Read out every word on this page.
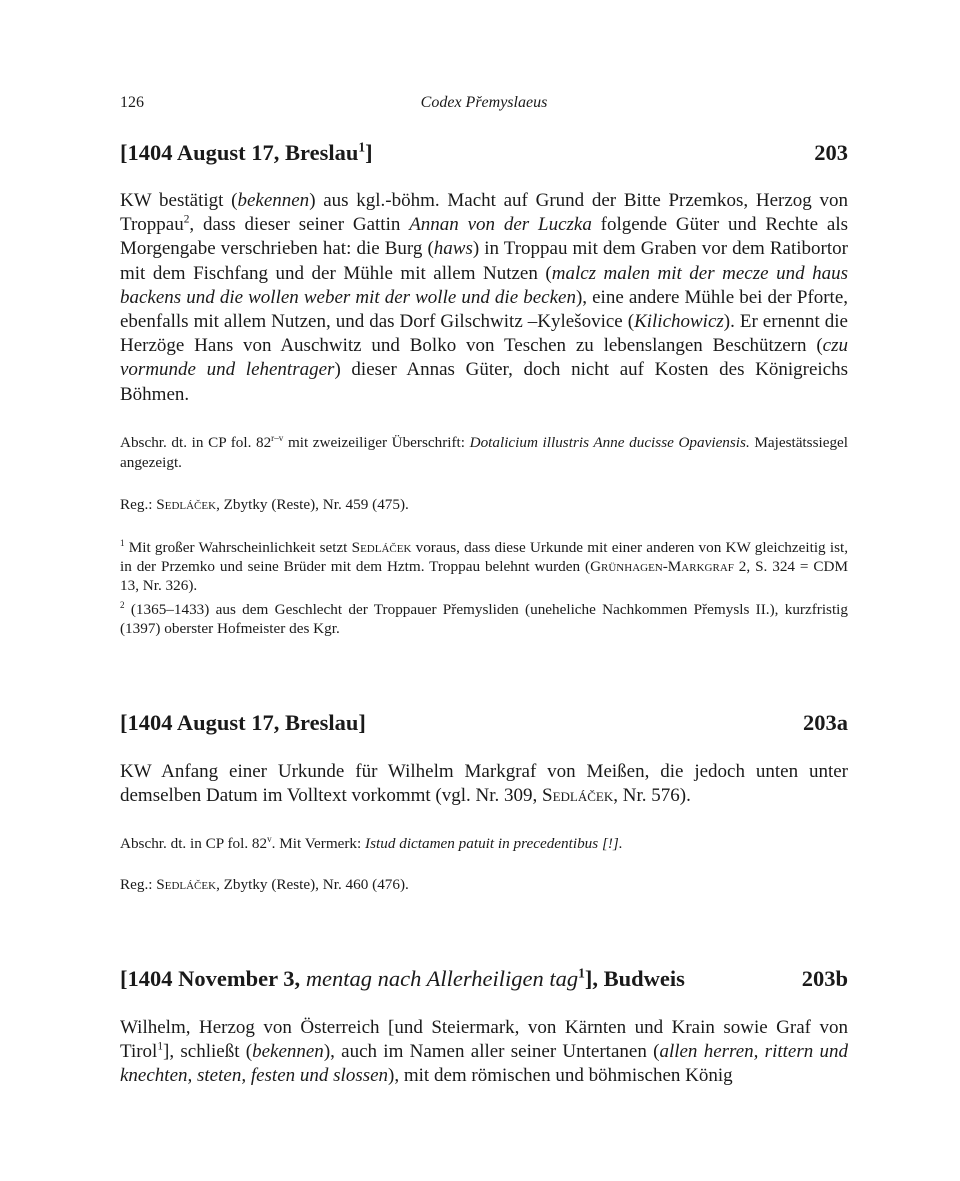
126	Codex Přemyslaeus
[1404 August 17, Breslau$^1$]	203

KW bestätigt (bekennen) aus kgl.-böhm. Macht auf Grund der Bitte Przemkos, Herzog von Troppau$^2$, dass dieser seiner Gattin Annan von der Luczka folgende Güter und Rechte als Morgengabe verschrieben hat: die Burg (haws) in Troppau mit dem Graben vor dem Ratibortor mit dem Fischfang und der Mühle mit allem Nutzen (malcz malen mit der mecze und haus backens und die wollen weber mit der wolle und die becken), eine andere Mühle bei der Pforte, ebenfalls mit allem Nutzen, und das Dorf Gilschwitz –Kylešovice (Kilichowicz). Er ernennt die Herzöge Hans von Auschwitz und Bolko von Teschen zu lebenslangen Beschützern (czu vormunde und lehentrager) dieser Annas Güter, doch nicht auf Kosten des Königreichs Böhmen.

Abschr. dt. in CP fol. 82$^{r-v}$ mit zweizeiliger Überschrift: Dotalicium illustris Anne ducisse Opaviensis. Majestätssiegel angezeigt.

Reg.: Sedláček, Zbytky (Reste), Nr. 459 (475).

$^1$ Mit großer Wahrscheinlichkeit setzt Sedláček voraus, dass diese Urkunde mit einer anderen von KW gleichzeitig ist, in der Przemko und seine Brüder mit dem Hztm. Troppau belehnt wurden (Grünhagen-Markgraf 2, S. 324 = CDM 13, Nr. 326).

$^2$ (1365–1433) aus dem Geschlecht der Troppauer Přemysliden (uneheliche Nachkommen Přemysls II.), kurzfristig (1397) oberster Hofmeister des Kgr.

[1404 August 17, Breslau]	203a

KW Anfang einer Urkunde für Wilhelm Markgraf von Meißen, die jedoch unten unter demselben Datum im Volltext vorkommt (vgl. Nr. 309, Sedláček, Nr. 576).

Abschr. dt. in CP fol. 82$^v$. Mit Vermerk: Istud dictamen patuit in precedentibus [!].

Reg.: Sedláček, Zbytky (Reste), Nr. 460 (476).

[1404 November 3, mentag nach Allerheiligen tag$^1$], Budweis	203b

Wilhelm, Herzog von Österreich [und Steiermark, von Kärnten und Krain sowie Graf von Tirol$^1$], schließt (bekennen), auch im Namen aller seiner Untertanen (allen herren, rittern und knechten, steten, festen und slossen), mit dem römischen und böhmischen König
